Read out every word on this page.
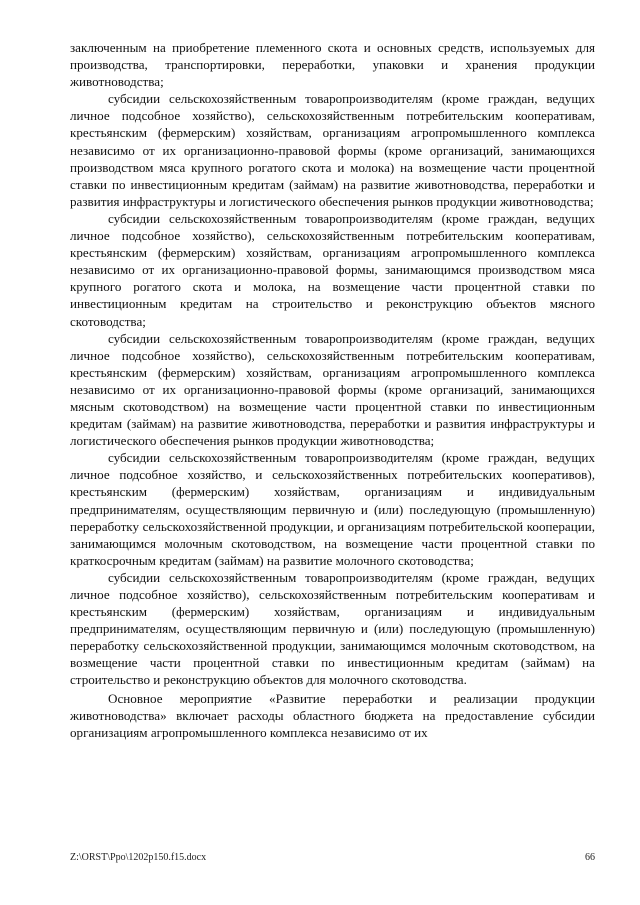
заключенным на приобретение племенного скота и основных средств, используемых для производства, транспортировки, переработки, упаковки и хранения продукции животноводства;

субсидии сельскохозяйственным товаропроизводителям (кроме граждан, ведущих личное подсобное хозяйство), сельскохозяйственным потребительским кооперативам, крестьянским (фермерским) хозяйствам, организациям агропромышленного комплекса независимо от их организационно-правовой формы (кроме организаций, занимающихся производством мяса крупного рогатого скота и молока) на возмещение части процентной ставки по инвестиционным кредитам (займам) на развитие животноводства, переработки и развития инфраструктуры и логистического обеспечения рынков продукции животноводства;

субсидии сельскохозяйственным товаропроизводителям (кроме граждан, ведущих личное подсобное хозяйство), сельскохозяйственным потребительским кооперативам, крестьянским (фермерским) хозяйствам, организациям агропромышленного комплекса независимо от их организационно-правовой формы, занимающимся производством мяса крупного рогатого скота и молока, на возмещение части процентной ставки по инвестиционным кредитам на строительство и реконструкцию объектов мясного скотоводства;

субсидии сельскохозяйственным товаропроизводителям (кроме граждан, ведущих личное подсобное хозяйство), сельскохозяйственным потребительским кооперативам, крестьянским (фермерским) хозяйствам, организациям агропромышленного комплекса независимо от их организационно-правовой формы (кроме организаций, занимающихся мясным скотоводством) на возмещение части процентной ставки по инвестиционным кредитам (займам) на развитие животноводства, переработки и развития инфраструктуры и логистического обеспечения рынков продукции животноводства;

субсидии сельскохозяйственным товаропроизводителям (кроме граждан, ведущих личное подсобное хозяйство, и сельскохозяйственных потребительских кооперативов), крестьянским (фермерским) хозяйствам, организациям и индивидуальным предпринимателям, осуществляющим первичную и (или) последующую (промышленную) переработку сельскохозяйственной продукции, и организациям потребительской кооперации, занимающимся молочным скотоводством, на возмещение части процентной ставки по краткосрочным кредитам (займам) на развитие молочного скотоводства;

субсидии сельскохозяйственным товаропроизводителям (кроме граждан, ведущих личное подсобное хозяйство), сельскохозяйственным потребительским кооперативам и крестьянским (фермерским) хозяйствам, организациям и индивидуальным предпринимателям, осуществляющим первичную и (или) последующую (промышленную) переработку сельскохозяйственной продукции, занимающимся молочным скотоводством, на возмещение части процентной ставки по инвестиционным кредитам (займам) на строительство и реконструкцию объектов для молочного скотоводства.

Основное мероприятие «Развитие переработки и реализации продукции животноводства» включает расходы областного бюджета на предоставление субсидии организациям агропромышленного комплекса независимо от их

Z:\ORST\Ppo\1202p150.f15.docx	66
